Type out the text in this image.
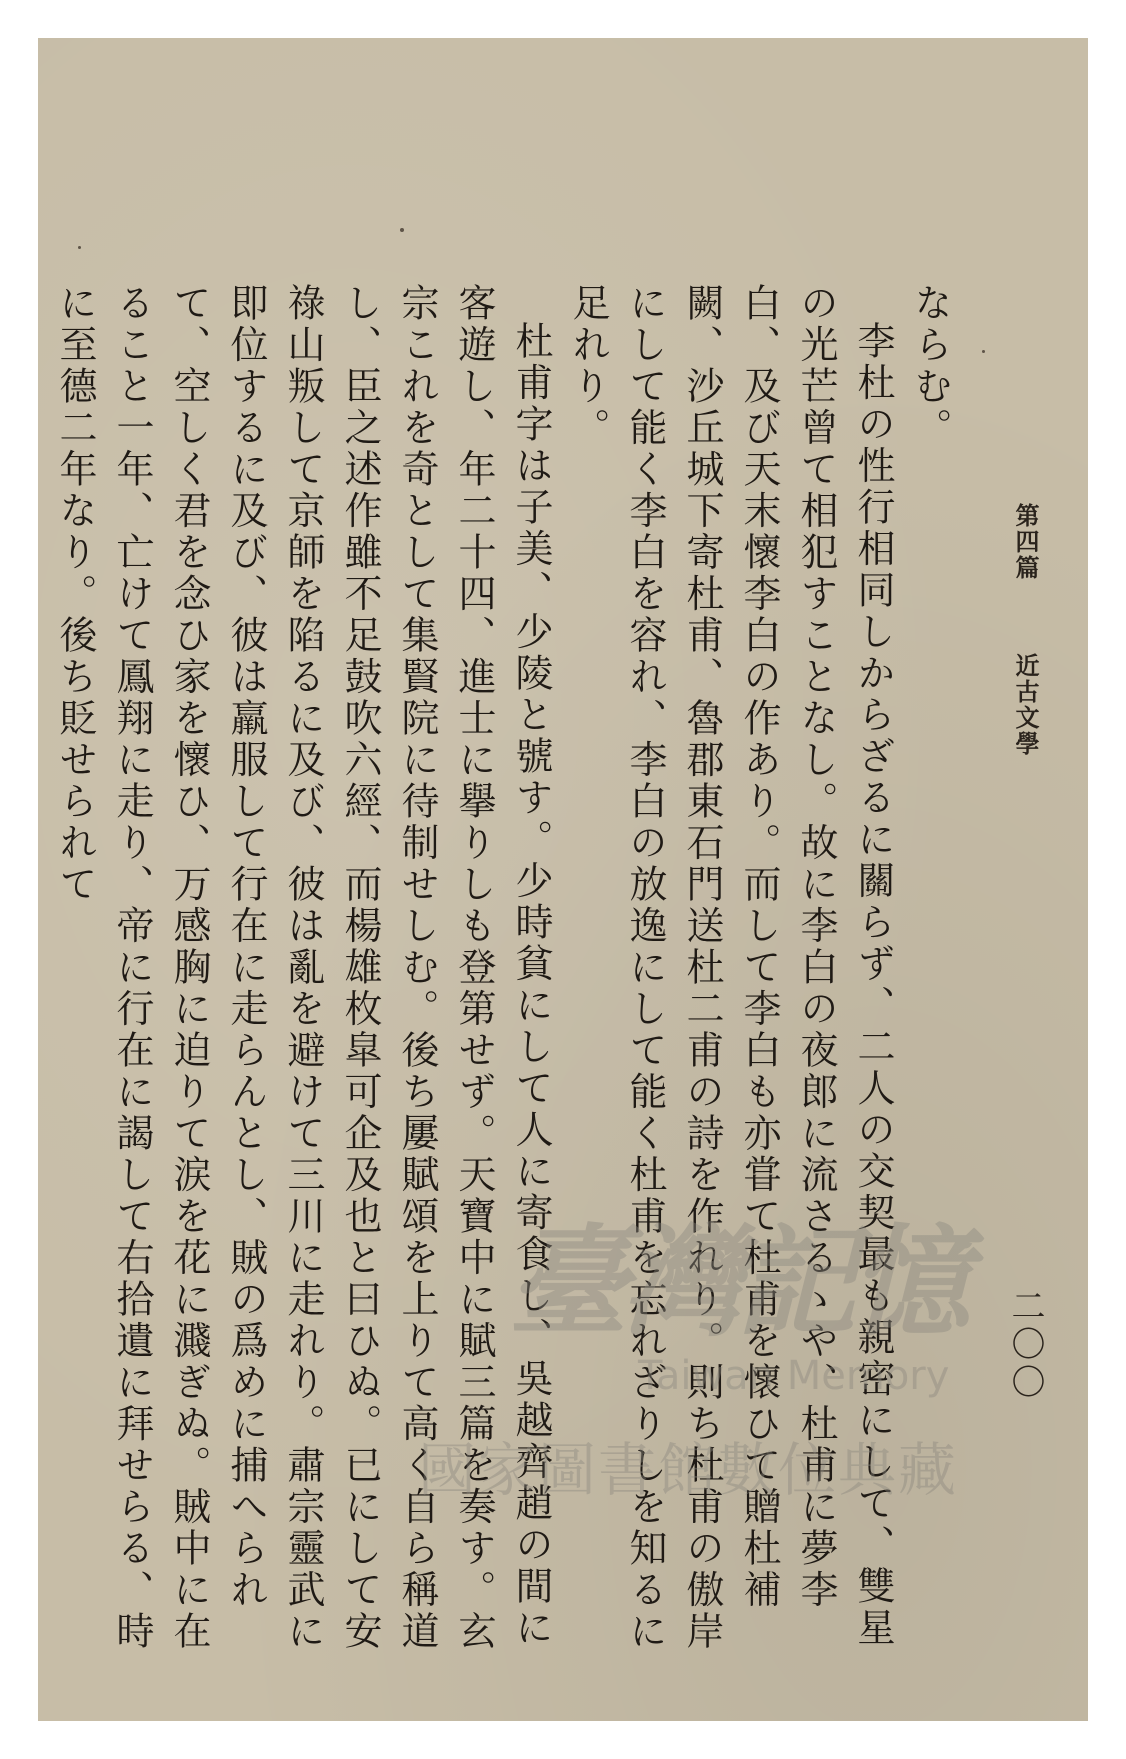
第四篇
近古文學
二〇〇

ならむ。

李杜の性行相同しからざるに關らず、二人の交契最も親密にして、雙星の光芒曾て相犯すことなし。故に李白の夜郎に流さるゝや、杜甫に夢李白、及び天末懷李白の作あり。而して李白も亦甞て杜甫を懷ひて贈杜補闕、沙丘城下寄杜甫、魯郡東石門送杜二甫の詩を作れり。則ち杜甫の傲岸にして能く李白を容れ、李白の放逸にして能く杜甫を忘れざりしを知るに足れり。

杜甫字は子美、少陵と號す。少時貧にして人に寄食し、吳越齊趙の間に客遊し、年二十四、進士に擧りしも登第せず。天寶中に賦三篇を奏す。玄宗これを奇として集賢院に待制せしむ。後ち屢賦頌を上りて高く自ら稱道し、臣之述作雖不足鼓吹六經、而楊雄枚皐可企及也と曰ひぬ。已にして安祿山叛して京師を陷るに及び、彼は亂を避けて三川に走れり。肅宗靈武に即位するに及び、彼は羸服して行在に走らんとし、賊の爲めに捕へられて、空しく君を念ひ家を懷ひ、万感胸に迫りて涙を花に濺ぎぬ。賊中に在ること一年、亡けて鳳翔に走り、帝に行在に謁して右拾遺に拜せらる、時に至德二年なり。後ち貶せられて

臺灣記憶
Taiwan Memory
國家圖書館數位典藏
